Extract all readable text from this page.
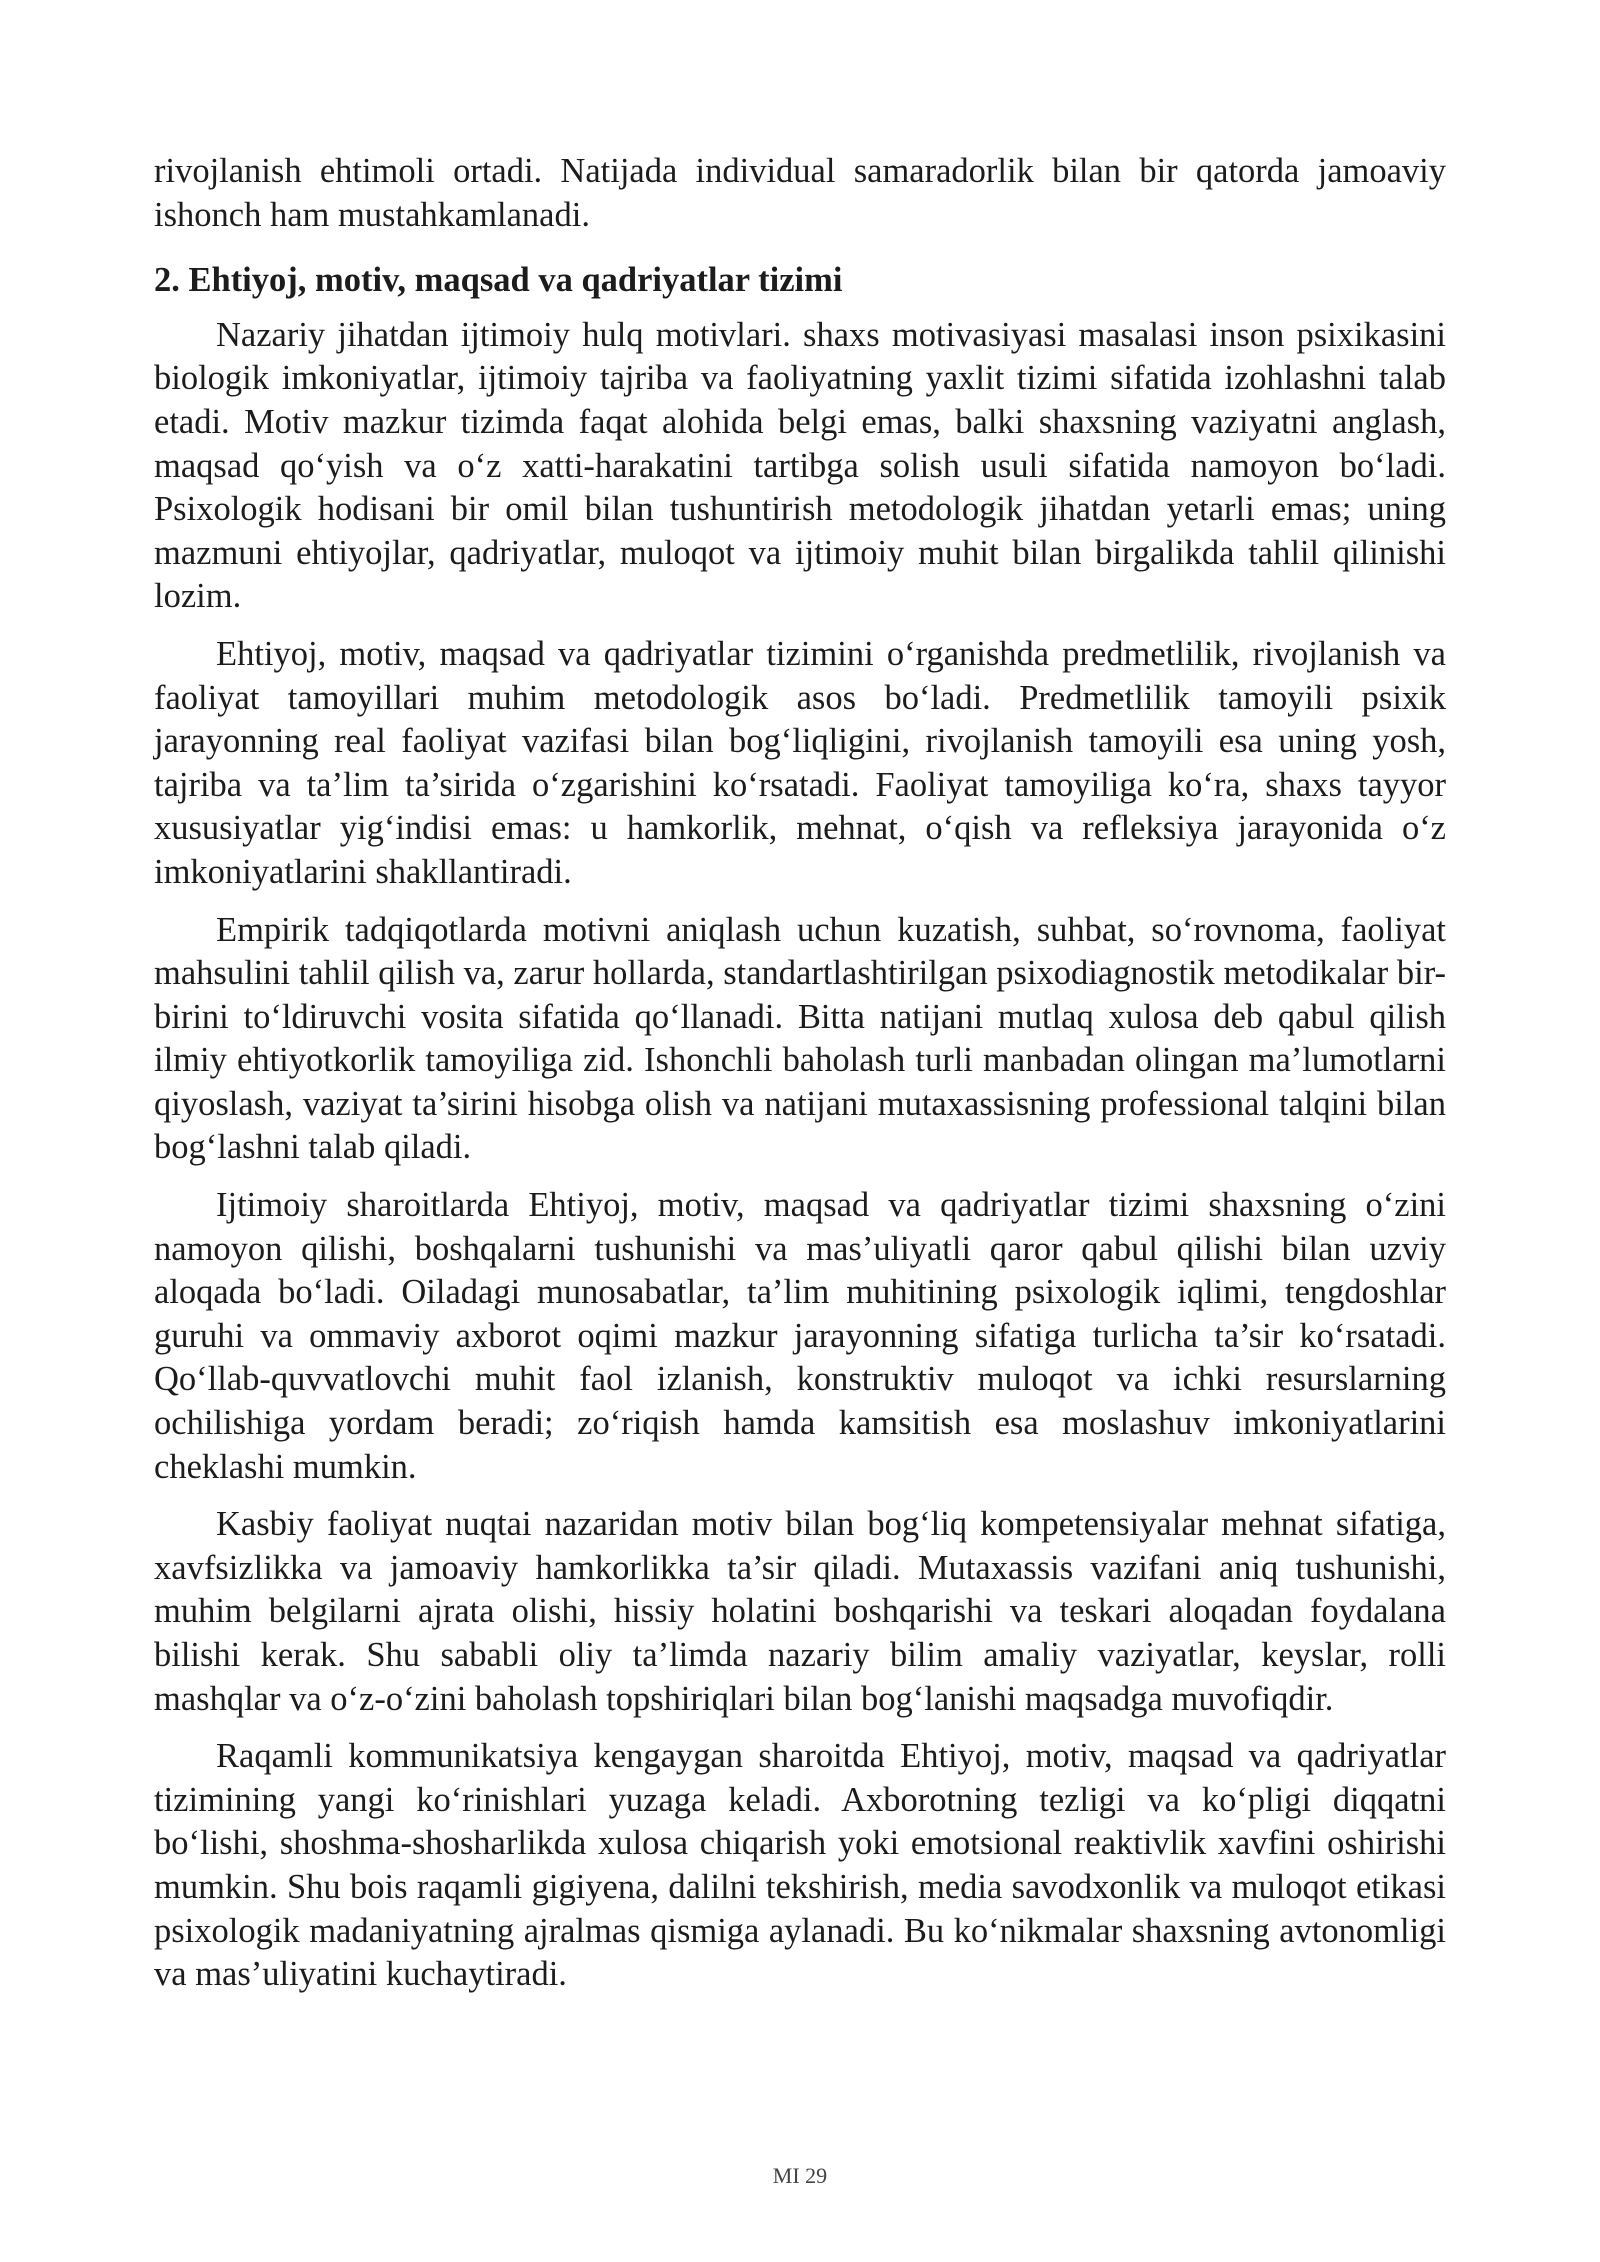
rivojlanish ehtimoli ortadi. Natijada individual samaradorlik bilan bir qatorda jamoaviy ishonch ham mustahkamlanadi.

2. Ehtiyoj, motiv, maqsad va qadriyatlar tizimi

Nazariy jihatdan ijtimoiy hulq motivlari. shaxs motivasiyasi masalasi inson psixikasini biologik imkoniyatlar, ijtimoiy tajriba va faoliyatning yaxlit tizimi sifatida izohlashni talab etadi. Motiv mazkur tizimda faqat alohida belgi emas, balki shaxsning vaziyatni anglash, maqsad qo‘yish va o‘z xatti-harakatini tartibga solish usuli sifatida namoyon bo‘ladi. Psixologik hodisani bir omil bilan tushuntirish metodologik jihatdan yetarli emas; uning mazmuni ehtiyojlar, qadriyatlar, muloqot va ijtimoiy muhit bilan birgalikda tahlil qilinishi lozim.

Ehtiyoj, motiv, maqsad va qadriyatlar tizimini o‘rganishda predmetlilik, rivojlanish va faoliyat tamoyillari muhim metodologik asos bo‘ladi. Predmetlilik tamoyili psixik jarayonning real faoliyat vazifasi bilan bog‘liqligini, rivojlanish tamoyili esa uning yosh, tajriba va ta’lim ta’sirida o‘zgarishini ko‘rsatadi. Faoliyat tamoyiliga ko‘ra, shaxs tayyor xususiyatlar yig‘indisi emas: u hamkorlik, mehnat, o‘qish va refleksiya jarayonida o‘z imkoniyatlarini shakllantiradi.

Empirik tadqiqotlarda motivni aniqlash uchun kuzatish, suhbat, so‘rovnoma, faoliyat mahsulini tahlil qilish va, zarur hollarda, standartlashtirilgan psixodiagnostik metodikalar bir-birini to‘ldiruvchi vosita sifatida qo‘llanadi. Bitta natijani mutlaq xulosa deb qabul qilish ilmiy ehtiyotkorlik tamoyiliga zid. Ishonchli baholash turli manbadan olingan ma’lumotlarni qiyoslash, vaziyat ta’sirini hisobga olish va natijani mutaxassisning professional talqini bilan bog‘lashni talab qiladi.

Ijtimoiy sharoitlarda Ehtiyoj, motiv, maqsad va qadriyatlar tizimi shaxsning o‘zini namoyon qilishi, boshqalarni tushunishi va mas’uliyatli qaror qabul qilishi bilan uzviy aloqada bo‘ladi. Oiladagi munosabatlar, ta’lim muhitining psixologik iqlimi, tengdoshlar guruhi va ommaviy axborot oqimi mazkur jarayonning sifatiga turlicha ta’sir ko‘rsatadi. Qo‘llab-quvvatlovchi muhit faol izlanish, konstruktiv muloqot va ichki resurslarning ochilishiga yordam beradi; zo‘riqish hamda kamsitish esa moslashuv imkoniyatlarini cheklashi mumkin.

Kasbiy faoliyat nuqtai nazaridan motiv bilan bog‘liq kompetensiyalar mehnat sifatiga, xavfsizlikka va jamoaviy hamkorlikka ta’sir qiladi. Mutaxassis vazifani aniq tushunishi, muhim belgilarni ajrata olishi, hissiy holatini boshqarishi va teskari aloqadan foydalana bilishi kerak. Shu sababli oliy ta’limda nazariy bilim amaliy vaziyatlar, keyslar, rolli mashqlar va o‘z-o‘zini baholash topshiriqlari bilan bog‘lanishi maqsadga muvofiqdir.

Raqamli kommunikatsiya kengaygan sharoitda Ehtiyoj, motiv, maqsad va qadriyatlar tizimining yangi ko‘rinishlari yuzaga keladi. Axborotning tezligi va ko‘pligi diqqatni bo‘lishi, shoshma-shosharlikda xulosa chiqarish yoki emotsional reaktivlik xavfini oshirishi mumkin. Shu bois raqamli gigiyena, dalilni tekshirish, media savodxonlik va muloqot etikasi psixologik madaniyatning ajralmas qismiga aylanadi. Bu ko‘nikmalar shaxsning avtonomligi va mas’uliyatini kuchaytiradi.

MI 29
